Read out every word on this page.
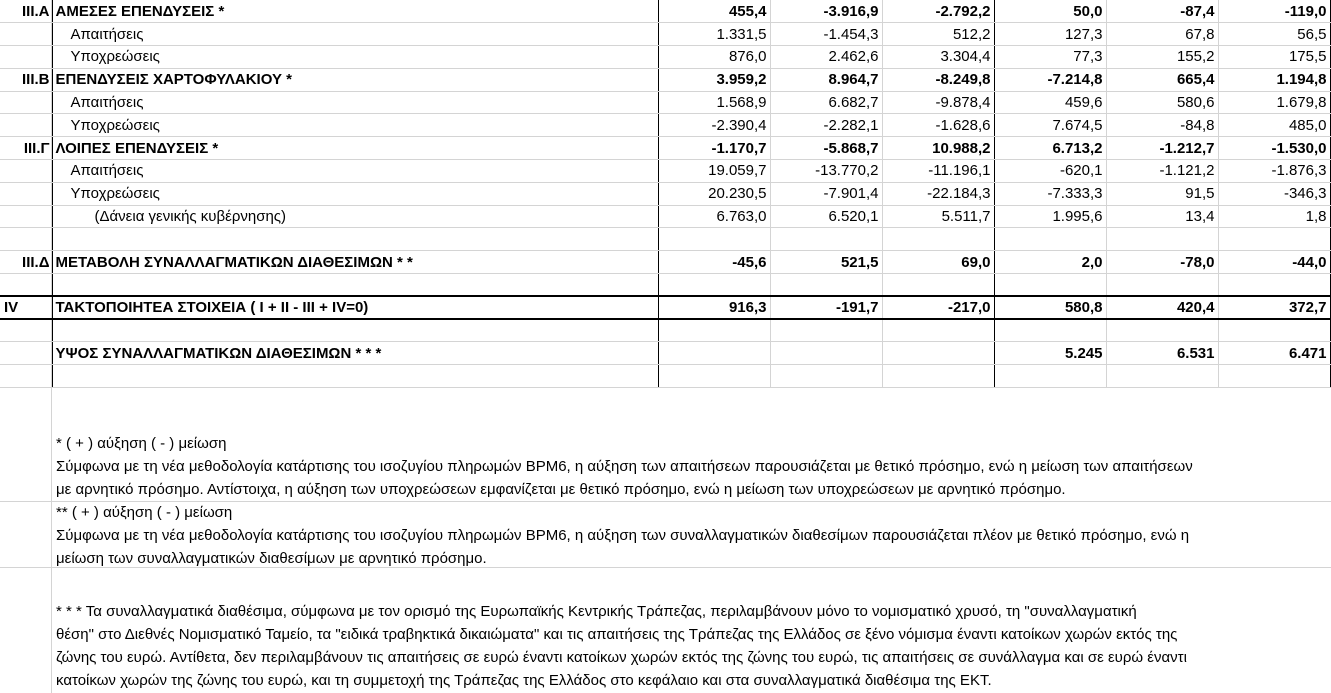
III.Α	ΑΜΕΣΕΣ ΕΠΕΝΔΥΣΕΙΣ *	455,4	-3.916,9	-2.792,2	50,0	-87,4	-119,0
	Απαιτήσεις	1.331,5	-1.454,3	512,2	127,3	67,8	56,5
	Υποχρεώσεις	876,0	2.462,6	3.304,4	77,3	155,2	175,5
III.Β	ΕΠΕΝΔΥΣΕΙΣ ΧΑΡΤΟΦΥΛΑΚΙΟΥ *	3.959,2	8.964,7	-8.249,8	-7.214,8	665,4	1.194,8
	Απαιτήσεις	1.568,9	6.682,7	-9.878,4	459,6	580,6	1.679,8
	Υποχρεώσεις	-2.390,4	-2.282,1	-1.628,6	7.674,5	-84,8	485,0
III.Γ	ΛΟΙΠΕΣ ΕΠΕΝΔΥΣΕΙΣ *	-1.170,7	-5.868,7	10.988,2	6.713,2	-1.212,7	-1.530,0
	Απαιτήσεις	19.059,7	-13.770,2	-11.196,1	-620,1	-1.121,2	-1.876,3
	Υποχρεώσεις	20.230,5	-7.901,4	-22.184,3	-7.333,3	91,5	-346,3
	(Δάνεια γενικής κυβέρνησης)	6.763,0	6.520,1	5.511,7	1.995,6	13,4	1,8

III.Δ	ΜΕΤΑΒΟΛΗ ΣΥΝΑΛΛΑΓΜΑΤΙΚΩΝ ΔΙΑΘΕΣΙΜΩΝ * *	-45,6	521,5	69,0	2,0	-78,0	-44,0

IV	ΤΑΚΤΟΠΟΙΗΤΕΑ ΣΤΟΙΧΕΙΑ ( I + II - III + IV=0)	916,3	-191,7	-217,0	580,8	420,4	372,7

	ΥΨΟΣ ΣΥΝΑΛΛΑΓΜΑΤΙΚΩΝ ΔΙΑΘΕΣΙΜΩΝ * * *				5.245	6.531	6.471

* ( + ) αύξηση ( - ) μείωση
Σύμφωνα με τη νέα μεθοδολογία κατάρτισης του ισοζυγίου πληρωμών BPM6, η αύξηση των απαιτήσεων παρουσιάζεται με θετικό πρόσημο, ενώ η μείωση των απαιτήσεων
με αρνητικό πρόσημο. Αντίστοιχα, η αύξηση των υποχρεώσεων εμφανίζεται με θετικό πρόσημο, ενώ η μείωση των υποχρεώσεων με αρνητικό πρόσημο.
** ( + ) αύξηση ( - ) μείωση
Σύμφωνα με τη νέα μεθοδολογία κατάρτισης του ισοζυγίου πληρωμών BPM6, η αύξηση των συναλλαγματικών διαθεσίμων παρουσιάζεται πλέον με θετικό πρόσημο, ενώ η
μείωση των συναλλαγματικών διαθεσίμων με αρνητικό πρόσημο.
* * * Τα συναλλαγματικά διαθέσιμα, σύμφωνα με τον ορισμό της Ευρωπαϊκής Κεντρικής Τράπεζας, περιλαμβάνουν μόνο το νομισματικό χρυσό, τη "συναλλαγματική
θέση" στο Διεθνές Νομισματικό Ταμείο, τα "ειδικά τραβηκτικά δικαιώματα" και τις απαιτήσεις της Τράπεζας της Ελλάδος σε ξένο νόμισμα έναντι κατοίκων χωρών εκτός της
ζώνης του ευρώ. Αντίθετα, δεν περιλαμβάνουν τις απαιτήσεις σε ευρώ έναντι κατοίκων χωρών εκτός της ζώνης του ευρώ, τις απαιτήσεις σε συνάλλαγμα και σε ευρώ έναντι
κατοίκων χωρών της ζώνης του ευρώ, και τη συμμετοχή της Τράπεζας της Ελλάδος στο κεφάλαιο και στα συναλλαγματικά διαθέσιμα της ΕΚΤ.
